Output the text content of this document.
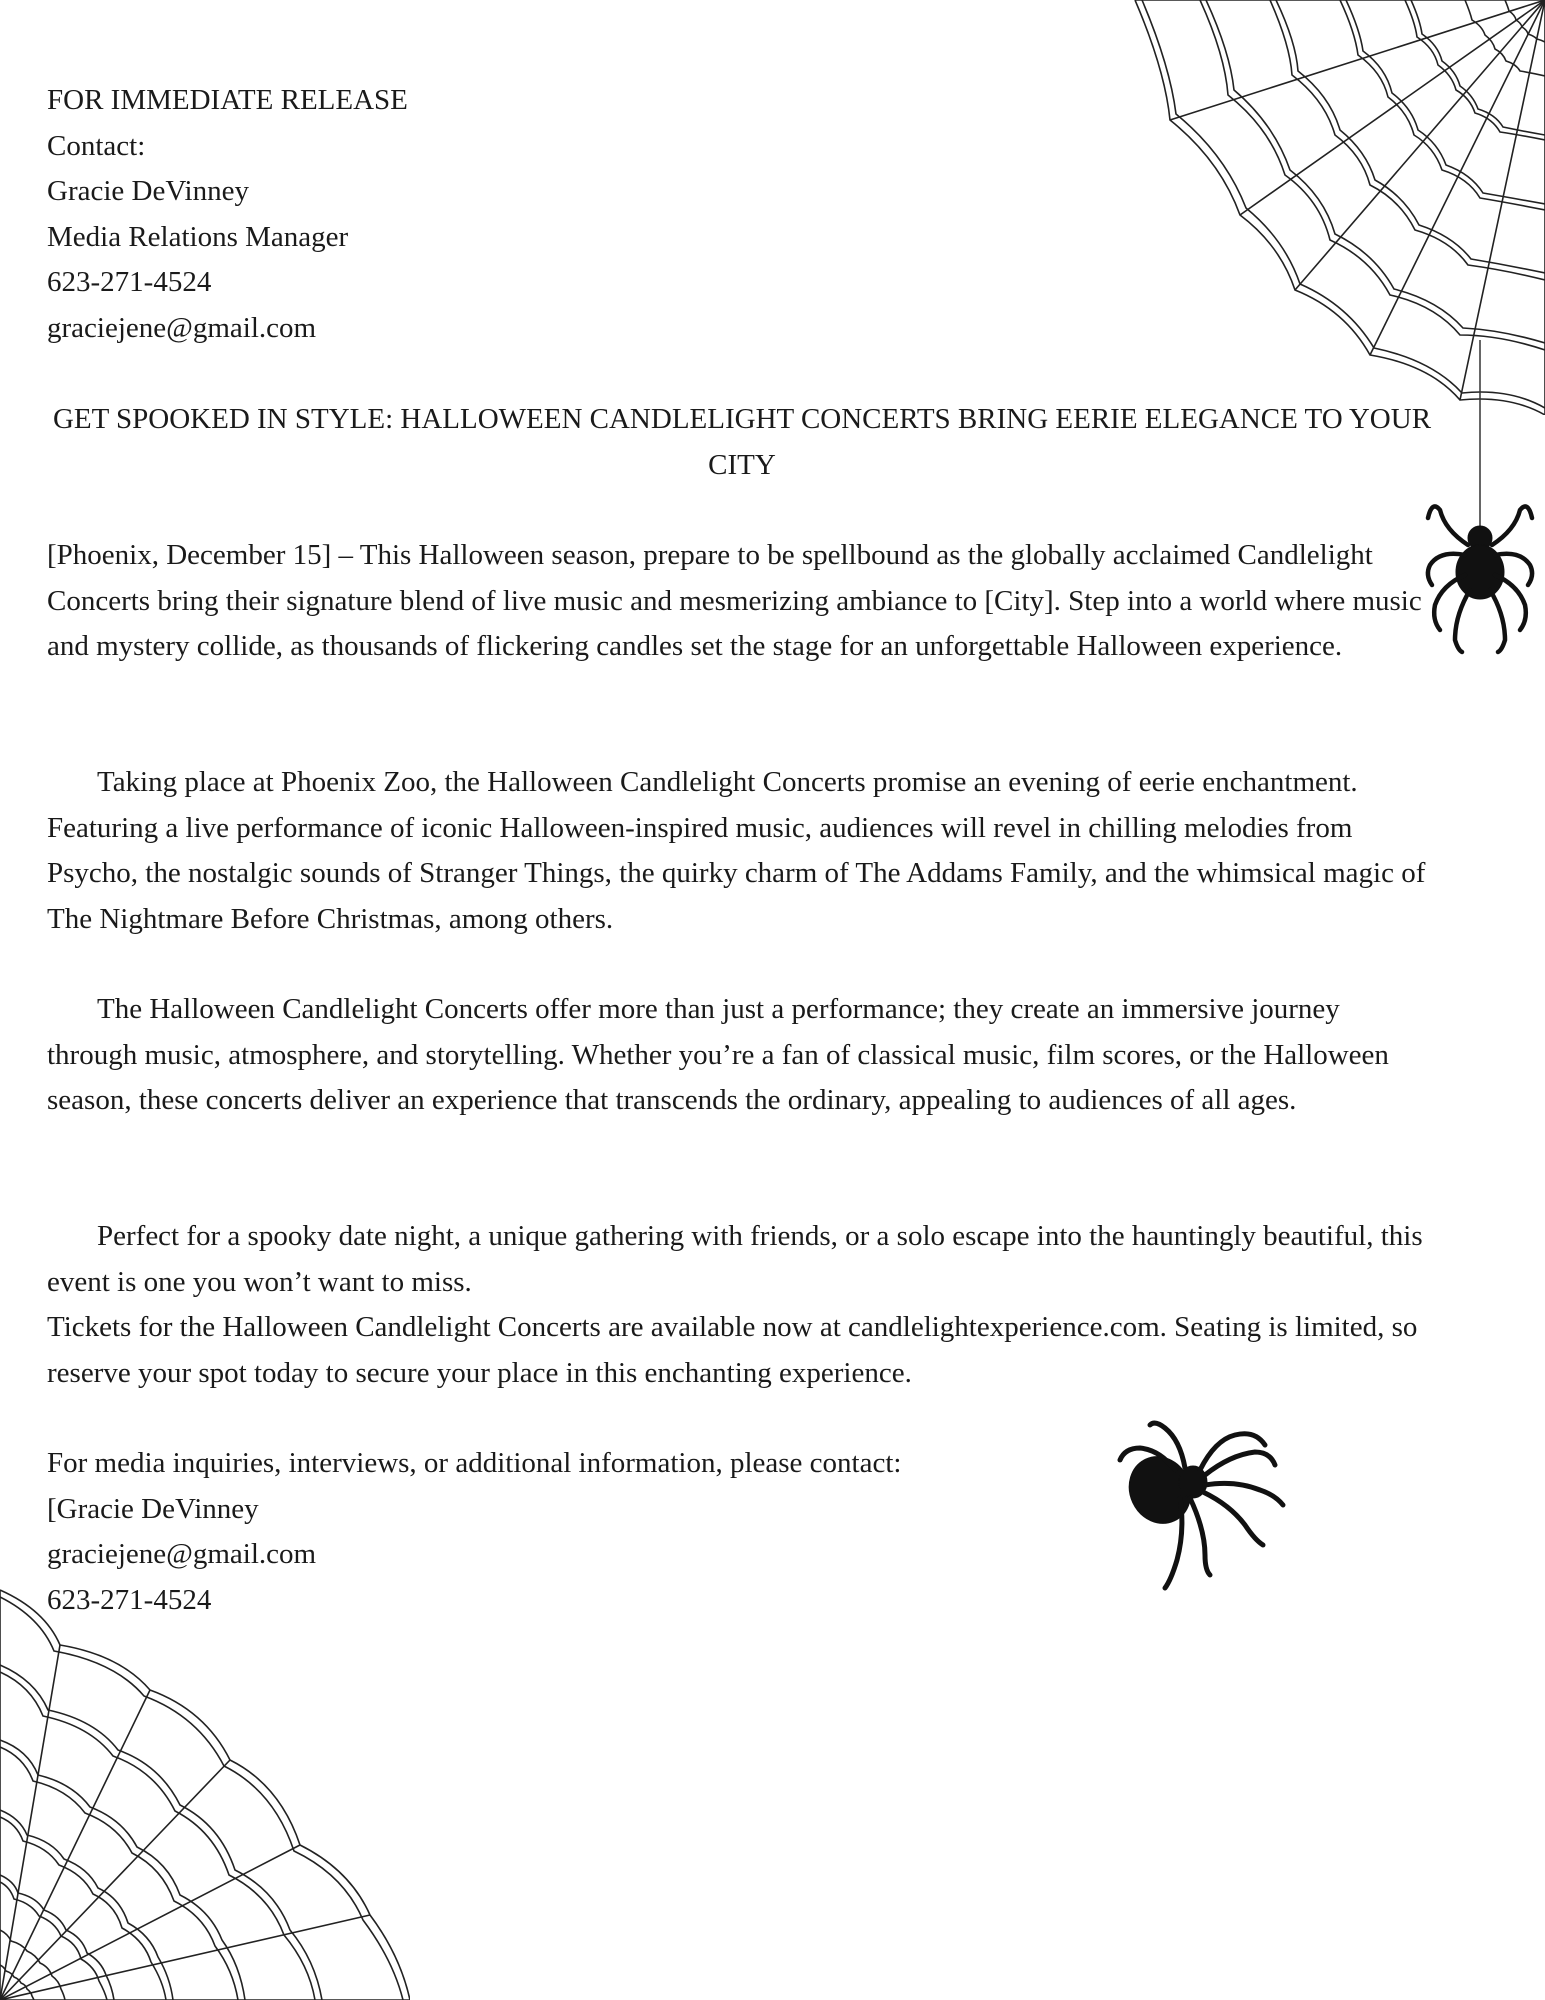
FOR IMMEDIATE RELEASE
Contact:
Gracie DeVinney
Media Relations Manager
623-271-4524
graciejene@gmail.com
GET SPOOKED IN STYLE: HALLOWEEN CANDLELIGHT CONCERTS BRING EERIE ELEGANCE TO YOUR CITY

[Phoenix, December 15] – This Halloween season, prepare to be spellbound as the globally acclaimed Candlelight Concerts bring their signature blend of live music and mesmerizing ambiance to [City]. Step into a world where music and mystery collide, as thousands of flickering candles set the stage for an unforgettable Halloween experience.

Taking place at Phoenix Zoo, the Halloween Candlelight Concerts promise an evening of eerie enchantment. Featuring a live performance of iconic Halloween-inspired music, audiences will revel in chilling melodies from Psycho, the nostalgic sounds of Stranger Things, the quirky charm of The Addams Family, and the whimsical magic of The Nightmare Before Christmas, among others.

The Halloween Candlelight Concerts offer more than just a performance; they create an immersive journey through music, atmosphere, and storytelling. Whether you’re a fan of classical music, film scores, or the Halloween season, these concerts deliver an experience that transcends the ordinary, appealing to audiences of all ages.

Perfect for a spooky date night, a unique gathering with friends, or a solo escape into the hauntingly beautiful, this event is one you won’t want to miss.
Tickets for the Halloween Candlelight Concerts are available now at candlelightexperience.com. Seating is limited, so reserve your spot today to secure your place in this enchanting experience.
For media inquiries, interviews, or additional information, please contact:
[Gracie DeVinney
graciejene@gmail.com
623-271-4524
